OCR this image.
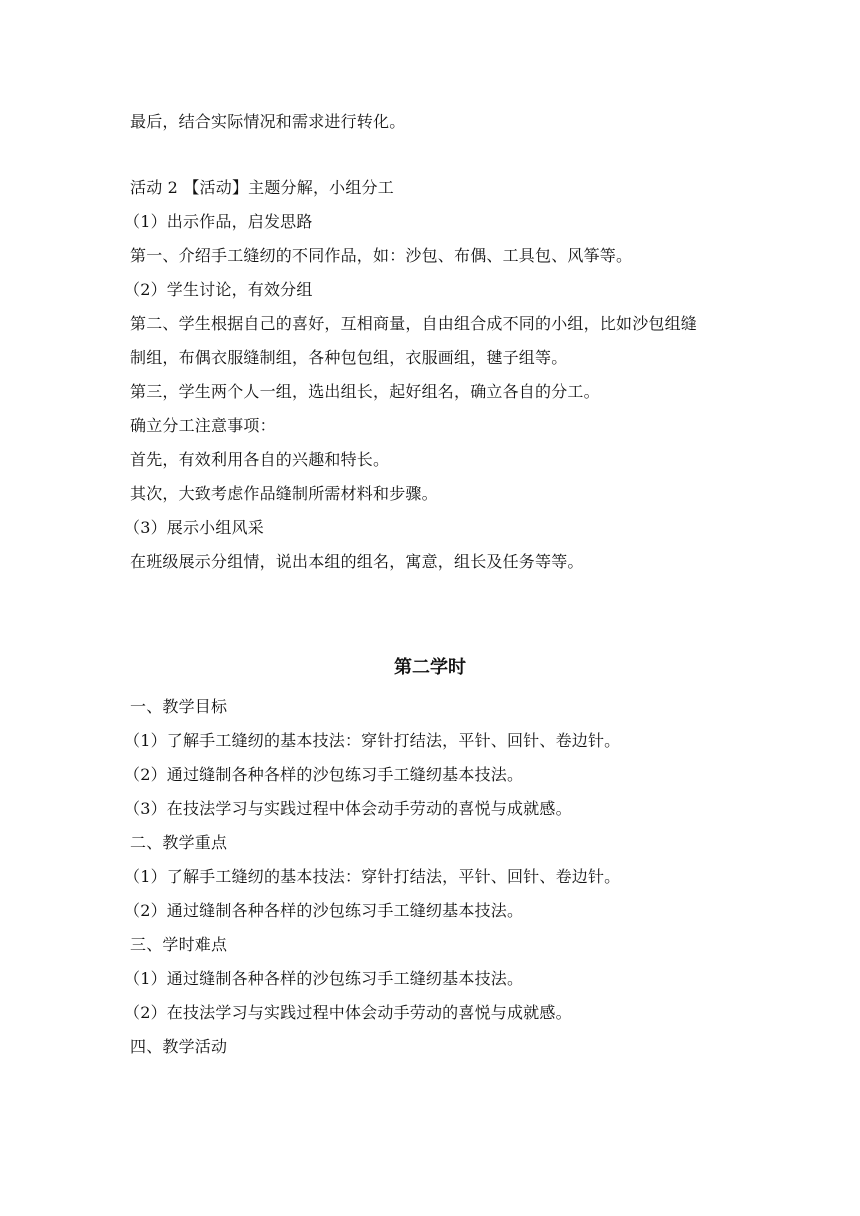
最后，结合实际情况和需求进行转化。
活动 2 【活动】主题分解，小组分工
（1）出示作品，启发思路
第一、介绍手工缝纫的不同作品，如：沙包、布偶、工具包、风筝等。
（2）学生讨论，有效分组
第二、学生根据自己的喜好，互相商量，自由组合成不同的小组，比如沙包组缝
制组，布偶衣服缝制组，各种包包组，衣服画组，毽子组等。
第三，学生两个人一组，选出组长，起好组名，确立各自的分工。
确立分工注意事项：
首先，有效利用各自的兴趣和特长。
其次，大致考虑作品缝制所需材料和步骤。
（3）展示小组风采
在班级展示分组情，说出本组的组名，寓意，组长及任务等等。
第二学时
一、教学目标
（1）了解手工缝纫的基本技法：穿针打结法，平针、回针、卷边针。
（2）通过缝制各种各样的沙包练习手工缝纫基本技法。
（3）在技法学习与实践过程中体会动手劳动的喜悦与成就感。
二、教学重点
（1）了解手工缝纫的基本技法：穿针打结法，平针、回针、卷边针。
（2）通过缝制各种各样的沙包练习手工缝纫基本技法。
三、学时难点
（1）通过缝制各种各样的沙包练习手工缝纫基本技法。
（2）在技法学习与实践过程中体会动手劳动的喜悦与成就感。
四、教学活动
